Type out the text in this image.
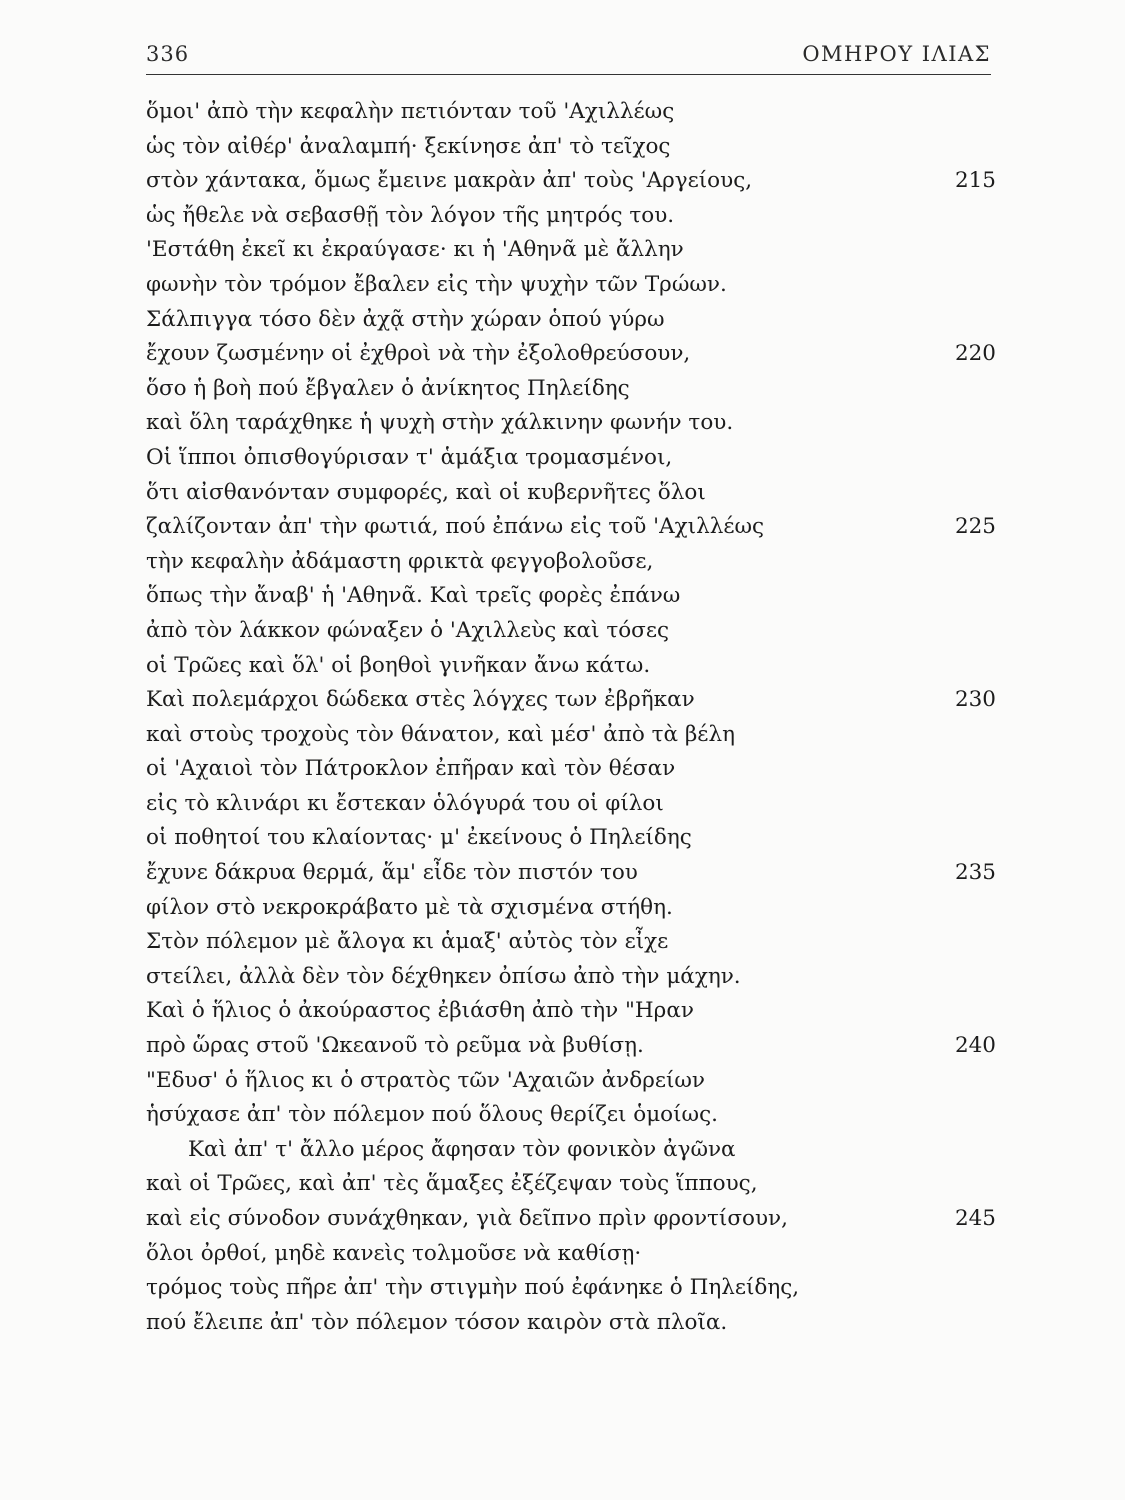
336	ΟΜΗΡΟΥ ΙΛΙΑΣ
ὅμοι' ἀπὸ τὴν κεφαλὴν πετιόνταν τοῦ 'Αχιλλέως
ὡς τὸν αἰθέρ' ἀναλαμπή· ξεκίνησε ἀπ' τὸ τεῖχος
στὸν χάντακα, ὅμως ἔμεινε μακρὰν ἀπ' τοὺς 'Αργείους,	215
ὡς ἤθελε νὰ σεβασθῇ τὸν λόγον τῆς μητρός του.
'Εστάθη ἐκεῖ κι ἐκραύγασε· κι ἡ 'Αθηνᾶ μὲ ἄλλην
φωνὴν τὸν τρόμον ἔβαλεν εἰς τὴν ψυχὴν τῶν Τρώων.
Σάλπιγγα τόσο δὲν ἀχᾷ στὴν χώραν ὁπού γύρω
ἔχουν ζωσμένην οἱ ἐχθροὶ νὰ τὴν ἐξολοθρεύσουν,	220
ὅσο ἡ βοὴ πού ἔβγαλεν ὁ ἀνίκητος Πηλείδης
καὶ ὅλη ταράχθηκε ἡ ψυχὴ στὴν χάλκινην φωνήν του.
Οἱ ἵπποι ὀπισθογύρισαν τ' ἁμάξια τρομασμένοι,
ὅτι αἰσθανόνταν συμφορές, καὶ οἱ κυβερνῆτες ὅλοι
ζαλίζονταν ἀπ' τὴν φωτιά, πού ἐπάνω εἰς τοῦ 'Αχιλλέως	225
τὴν κεφαλὴν ἀδάμαστη φρικτὰ φεγγοβολοῦσε,
ὅπως τὴν ἄναβ' ἡ 'Αθηνᾶ. Καὶ τρεῖς φορὲς ἐπάνω
ἀπὸ τὸν λάκκον φώναξεν ὁ 'Αχιλλεὺς καὶ τόσες
οἱ Τρῶες καὶ ὅλ' οἱ βοηθοὶ γινῆκαν ἄνω κάτω.
Καὶ πολεμάρχοι δώδεκα στὲς λόγχες των ἐβρῆκαν	230
καὶ στοὺς τροχοὺς τὸν θάνατον, καὶ μέσ' ἀπὸ τὰ βέλη
οἱ 'Αχαιοὶ τὸν Πάτροκλον ἐπῆραν καὶ τὸν θέσαν
εἰς τὸ κλινάρι κι ἔστεκαν ὁλόγυρά του οἱ φίλοι
οἱ ποθητοί του κλαίοντας· μ' ἐκείνους ὁ Πηλείδης
ἔχυνε δάκρυα θερμά, ἅμ' εἶδε τὸν πιστόν του	235
φίλον στὸ νεκροκράβατο μὲ τὰ σχισμένα στήθη.
Στὸν πόλεμον μὲ ἄλογα κι ἁμαξ' αὐτὸς τὸν εἶχε
στείλει, ἀλλὰ δὲν τὸν δέχθηκεν ὀπίσω ἀπὸ τὴν μάχην.
Καὶ ὁ ἥλιος ὁ ἀκούραστος ἐβιάσθη ἀπὸ τὴν "Ηραν
πρὸ ὥρας στοῦ 'Ωκεανοῦ τὸ ρεῦμα νὰ βυθίσῃ.	240
"Εδυσ' ὁ ἥλιος κι ὁ στρατὸς τῶν 'Αχαιῶν ἀνδρείων
ἡσύχασε ἀπ' τὸν πόλεμον πού ὅλους θερίζει ὁμοίως.
Καὶ ἀπ' τ' ἄλλο μέρος ἄφησαν τὸν φονικὸν ἀγῶνα
καὶ οἱ Τρῶες, καὶ ἀπ' τὲς ἅμαξες ἐξέζεψαν τοὺς ἵππους,
καὶ εἰς σύνοδον συνάχθηκαν, γιὰ δεῖπνο πρὶν φροντίσουν,	245
ὅλοι ὀρθοί, μηδὲ κανεὶς τολμοῦσε νὰ καθίσῃ·
τρόμος τοὺς πῆρε ἀπ' τὴν στιγμὴν πού ἐφάνηκε ὁ Πηλείδης,
πού ἔλειπε ἀπ' τὸν πόλεμον τόσον καιρὸν στὰ πλοῖα.
